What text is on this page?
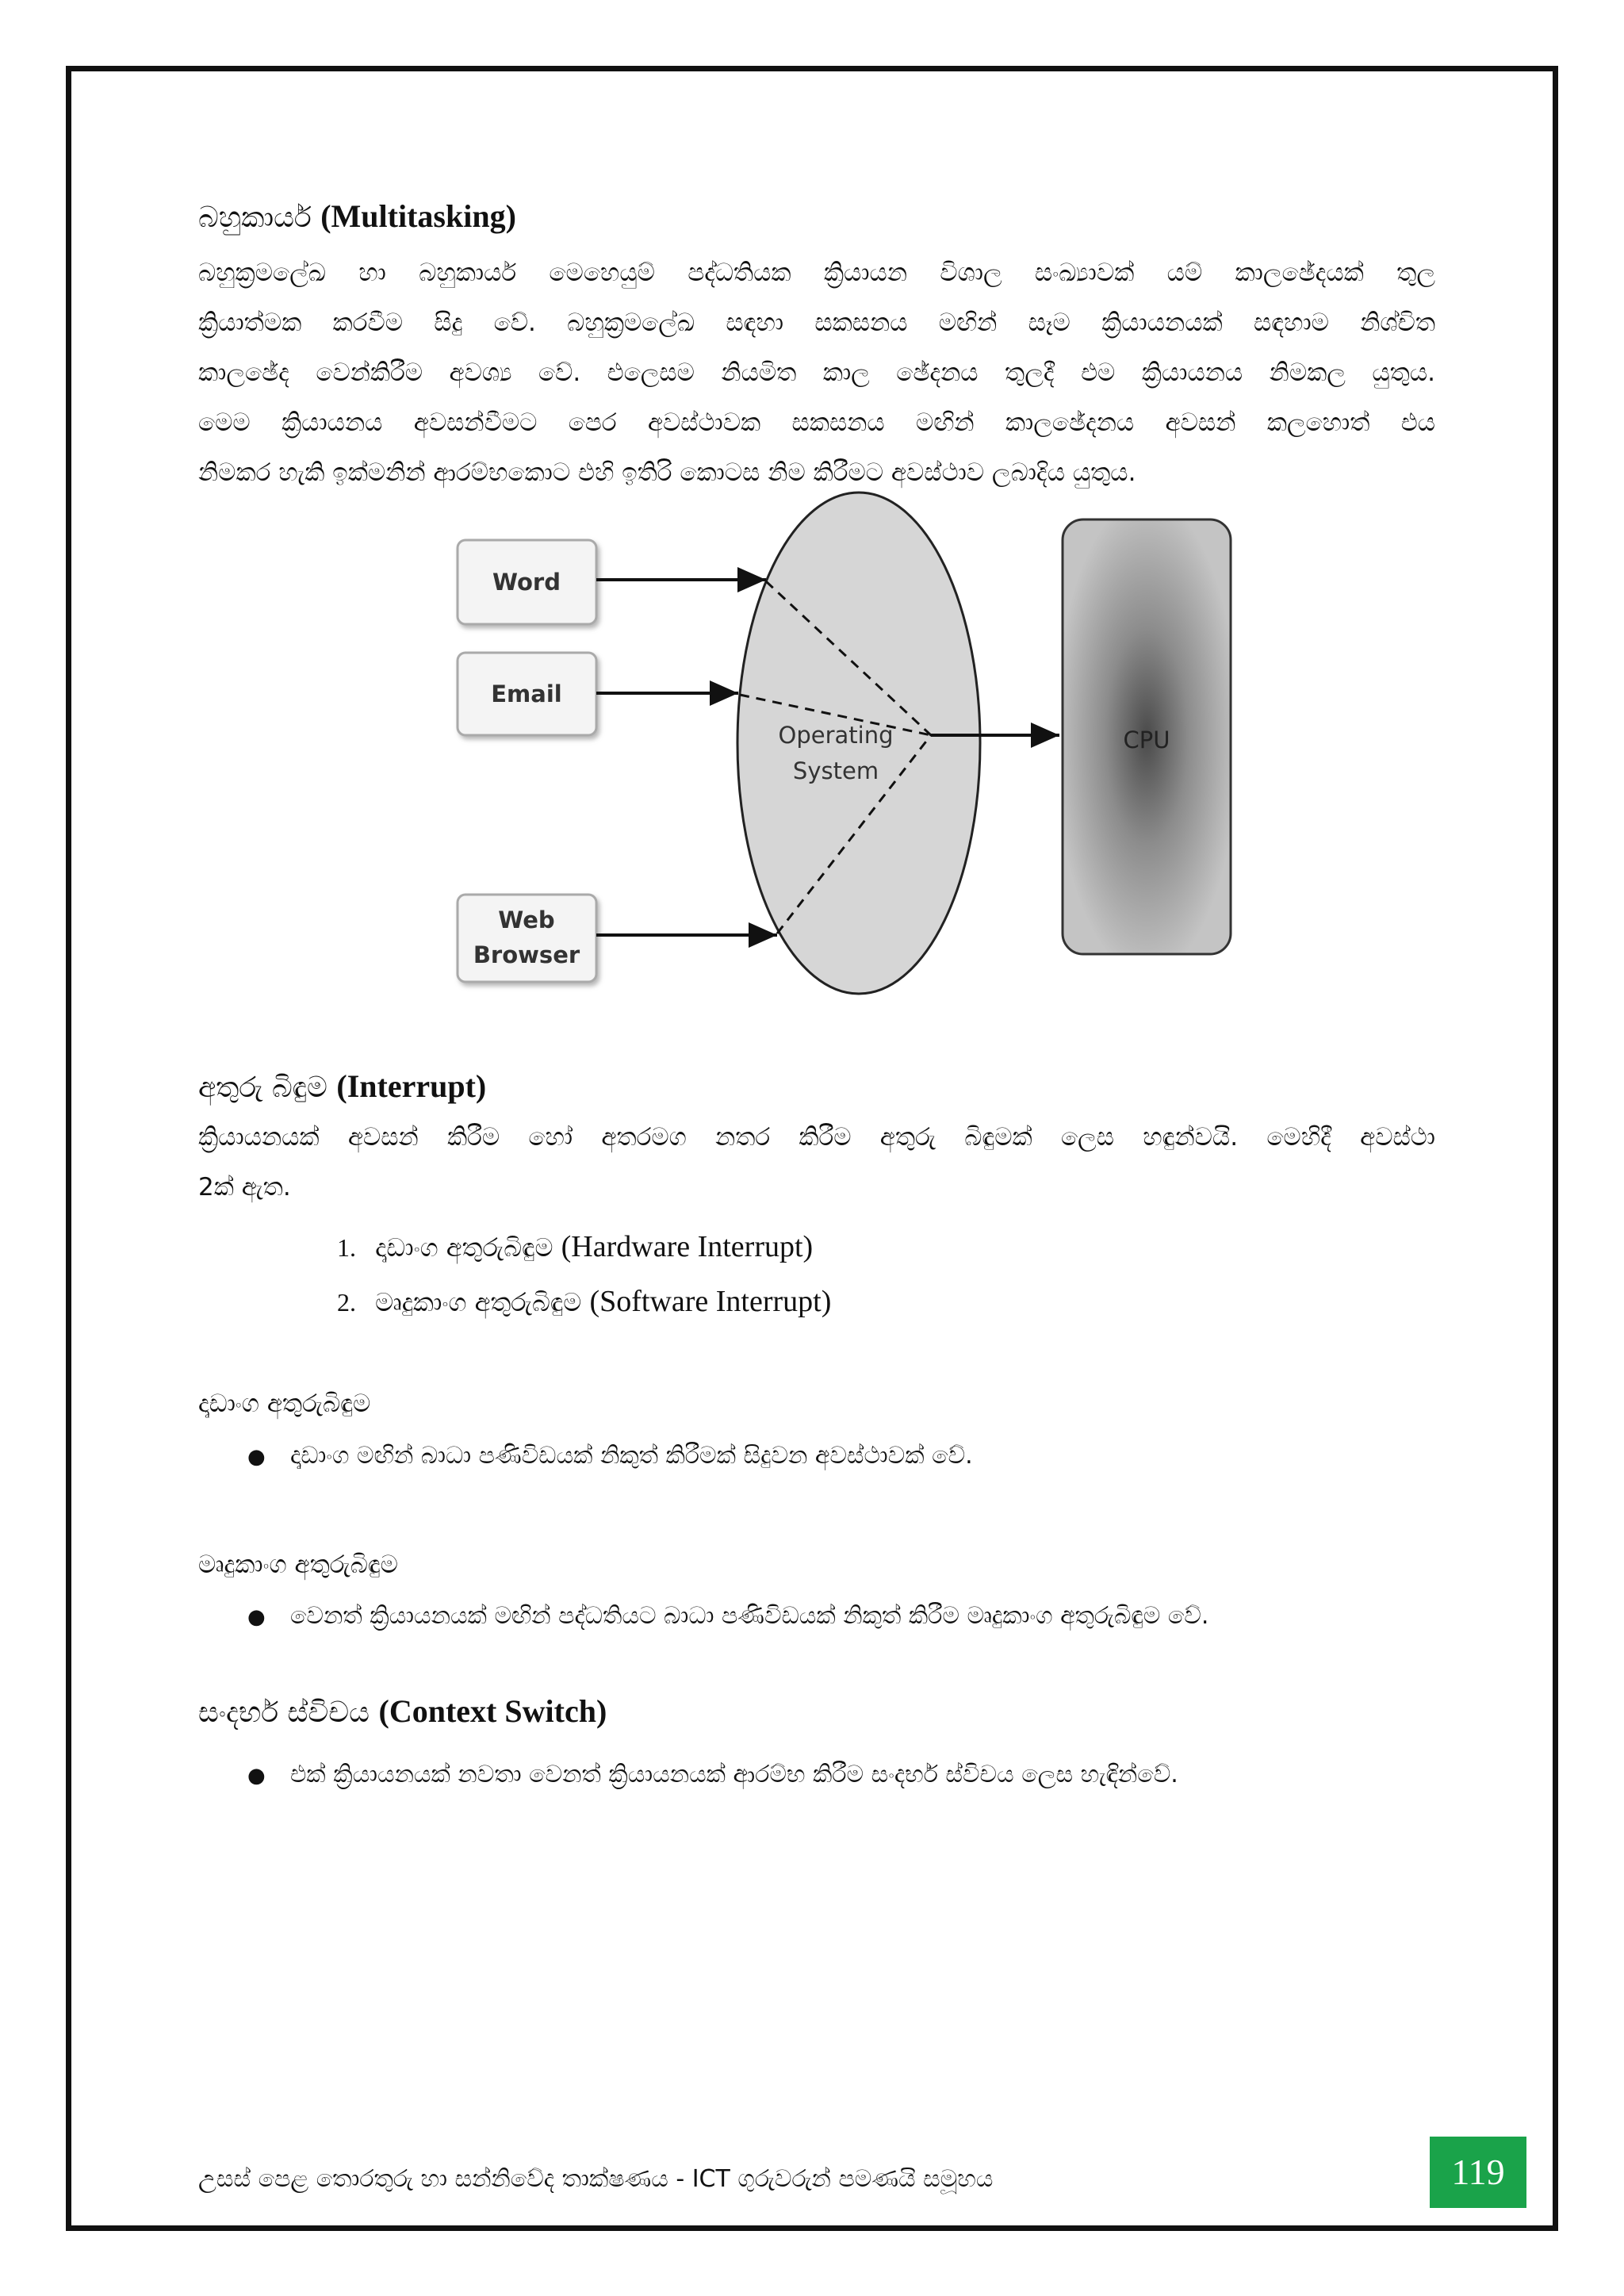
බහුකාර්ය (Multitasking)
බහුක්‍රමලේඛ හා බහුකාර්ය මෙහෙයුම් පද්ධතියක ක්‍රියායන විශාල සංඛ්‍යාවක් යම් කාලඡේදයක් තුල
ක්‍රියාත්මක කරවීම සිදු වේ. බහුක්‍රමලේඛ සඳහා සකසනය මඟින් සෑම ක්‍රියායනයක් සඳහාම නිශ්චිත
කාලඡේද වෙන්කිරීම අවශ්‍ය වේ. එලෙසම නියමිත කාල ඡේදනය තුලදී එම ක්‍රියායනය නිමකල යුතුය.
මෙම ක්‍රියායනය අවසන්වීමට පෙර අවස්ථාවක සකසනය මඟින් කාලඡේදනය අවසන් කලහොත් එය
නිමකර හැකි ඉක්මනින් ආරම්භකොට එහි ඉතිරි කොටස නිම කිරීමට අවස්ථාව ලබාදිය යුතුය.
Word
Email
Web
Browser
Operating
System
CPU
අතුරු බිඳුම (Interrupt)
ක්‍රියායනයක් අවසන් කිරීම හෝ අතරමග නතර කිරීම අතුරු බිඳුමක් ලෙස හඳුන්වයි. මෙහිදී අවස්ථා
2ක් ඇත.
1. දෘඩාංග අතුරුබිඳුම (Hardware Interrupt)
2. මෘදුකාංග අතුරුබිඳුම (Software Interrupt)
දෘඩාංග අතුරුබිඳුම
●	දෘඩාංග මඟින් බාධා පණිවිඩයක් නිකුත් කිරීමක් සිදුවන අවස්ථාවක් වේ.
මෘදුකාංග අතුරුබිඳුම
●	වෙනත් ක්‍රියායනයක් මඟින් පද්ධතියට බාධා පණිවිඩයක් නිකුත් කිරීම මෘදුකාංග අතුරුබිඳුම වේ.
සංදර්භ ස්විචය (Context Switch)
●	එක් ක්‍රියායනයක් නවතා වෙනත් ක්‍රියායනයක් ආරම්භ කිරීම සංදර්භ ස්විචය ලෙස හැඳින්වේ.
උසස් පෙළ තොරතුරු හා සන්නිවේද තාක්ෂණය - ICT ගුරුවරුන් පමණයි සමූහය	119
